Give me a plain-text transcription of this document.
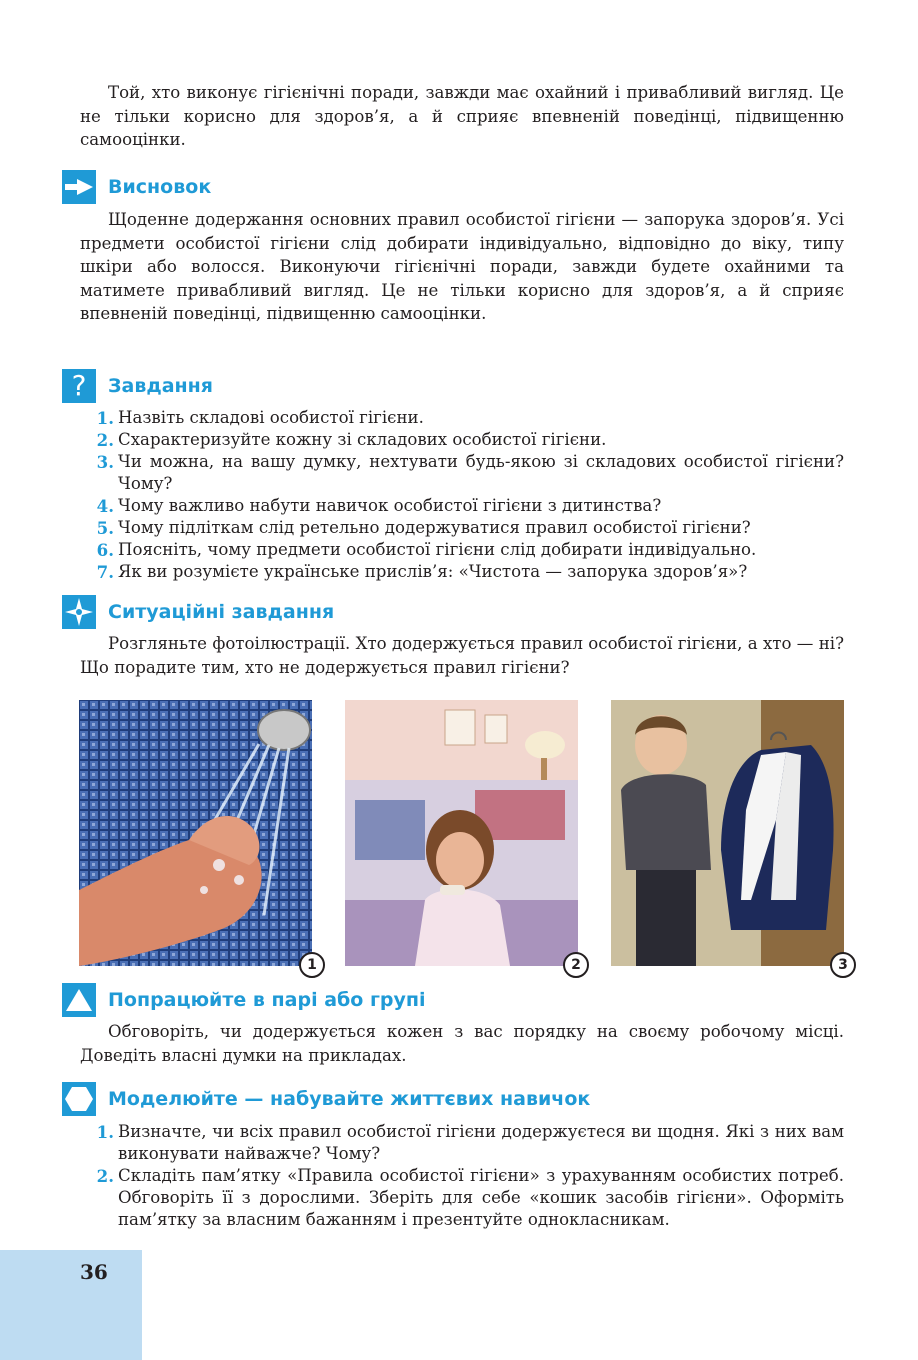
Той, хто виконує гігієнічні поради, завжди має охайний і привабливий вигляд. Це не тільки корисно для здоров’я, а й сприяє впевненій поведінці, підвищенню самооцінки.

Висновок

Щоденне додержання основних правил особистої гігієни — запорука здоров’я. Усі предмети особистої гігієни слід добирати індивідуально, відповідно до віку, типу шкіри або волосся. Виконуючи гігієнічні поради, завжди будете охайними та матимете привабливий вигляд. Це не тільки корисно для здоров’я, а й сприяє впевненій поведінці, підвищенню самооцінки.

? Завдання
1. Назвіть складові особистої гігієни.
2. Схарактеризуйте кожну зі складових особистої гігієни.
3. Чи можна, на вашу думку, нехтувати будь-якою зі складових особистої гігієни? Чому?
4. Чому важливо набути навичок особистої гігієни з дитинства?
5. Чому підліткам слід ретельно додержуватися правил особистої гігієни?
6. Поясніть, чому предмети особистої гігієни слід добирати індивідуально.
7. Як ви розумієте українське прислів’я: «Чистота — запорука здоров’я»?
Ситуаційні завдання

Розгляньте фотоілюстрації. Хто додержується правил особистої гігієни, а хто — ні? Що порадите тим, хто не додержується правил гігієни?

1	2	3
Попрацюйте в парі або групі

Обговоріть, чи додержується кожен з вас порядку на своєму робочому місці. Доведіть власні думки на прикладах.

Моделюйте — набувайте життєвих навичок
1. Визначте, чи всіх правил особистої гігієни додержуєтеся ви щодня. Які з них вам виконувати найважче? Чому?
2. Складіть пам’ятку «Правила особистої гігієни» з урахуванням особистих потреб. Обговоріть її з дорослими. Зберіть для себе «кошик засобів гігієни». Оформіть пам’ятку за власним бажанням і презентуйте однокласникам.
36
